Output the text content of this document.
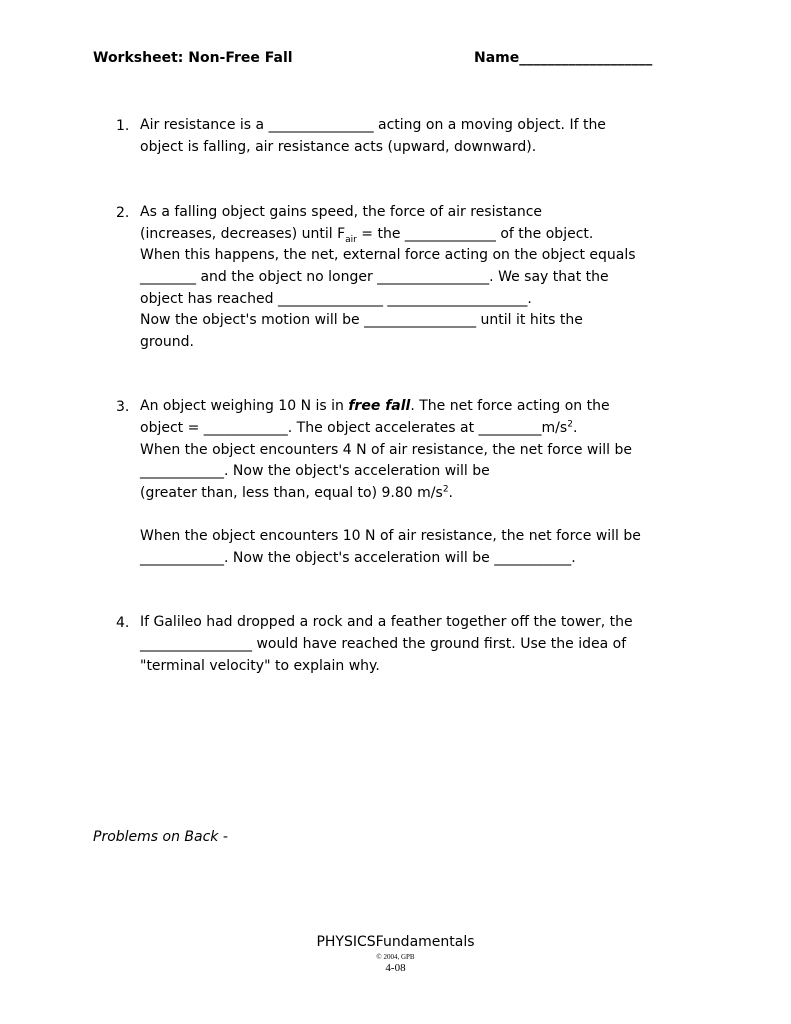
Worksheet: Non-Free Fall	Name___________________
1. Air resistance is a _______________ acting on a moving object. If the
object is falling, air resistance acts (upward, downward).
2. As a falling object gains speed, the force of air resistance
(increases, decreases) until $F_{air}$ = the _____________ of the object.
When this happens, the net, external force acting on the object equals
________ and the object no longer ________________. We say that the
object has reached _______________ ____________________.
Now the object's motion will be ________________ until it hits the
ground.
3. An object weighing 10 N is in free fall. The net force acting on the
object = ____________. The object accelerates at $\_\_\_\_\_\_\_\_\_m/s^2$.
When the object encounters 4 N of air resistance, the net force will be
____________. Now the object's acceleration will be
(greater than, less than, equal to) 9.80 $m/s^2$.
When the object encounters 10 N of air resistance, the net force will be
____________. Now the object's acceleration will be ___________.
4. If Galileo had dropped a rock and a feather together off the tower, the
________________ would have reached the ground first. Use the idea of
"terminal velocity" to explain why.
Problems on Back -
PHYSICSFundamentals
© 2004, GPB
4-08
